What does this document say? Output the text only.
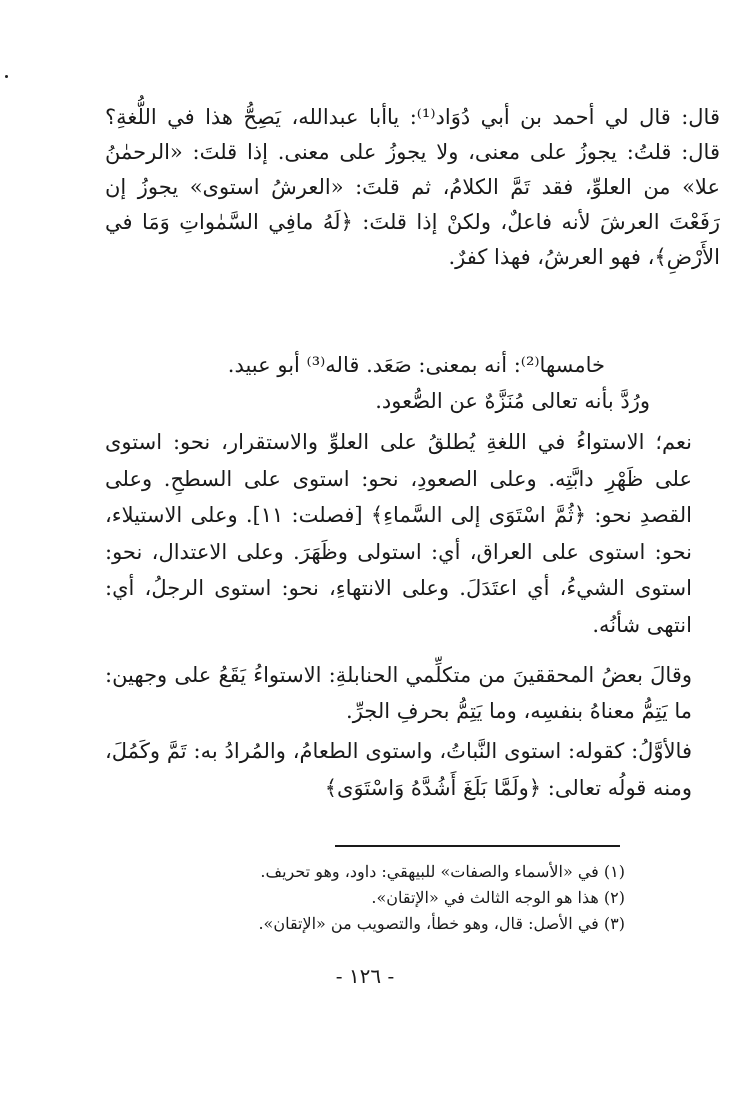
قال: قال لي أحمد بن أبي دُوَاد⁽¹⁾: ياأبا عبدالله، يَصِحُّ هذا في اللُّغةِ؟ قال: قلتُ: يجوزُ على معنى، ولا يجوزُ على معنى. إذا قلتَ: «الرحمٰنُ علا» من العلوِّ، فقد تَمَّ الكلامُ، ثم قلتَ: «العرشُ استوى» يجوزُ إن رَفَعْتَ العرشَ لأنه فاعلٌ، ولكنْ إذا قلتَ: ﴿لَهُ مافِي السَّمٰواتِ وَمَا في الأَرْضِ﴾، فهو العرشُ، فهذا كفرٌ.

خامسها⁽²⁾: أنه بمعنى: صَعَد. قاله⁽³⁾ أبو عبيد.

ورُدَّ بأنه تعالى مُنَزَّهٌ عن الصُّعود.

نعم؛ الاستواءُ في اللغةِ يُطلقُ على العلوِّ والاستقرار، نحو: استوى على ظَهْرِ دابَّتِه. وعلى الصعودِ، نحو: استوى على السطحِ. وعلى القصدِ نحو: ﴿ثُمَّ اسْتَوَى إلى السَّماءِ﴾ [فصلت: ١١]. وعلى الاستيلاء، نحو: استوى على العراق، أي: استولى وظَهَرَ. وعلى الاعتدال، نحو: استوى الشيءُ، أي اعتَدَلَ. وعلى الانتهاءِ، نحو: استوى الرجلُ، أي: انتهى شأنُه.

وقالَ بعضُ المحققينَ من متكلِّمي الحنابلةِ: الاستواءُ يَقَعُ على وجهين: ما يَتِمُّ معناهُ بنفسِه، وما يَتِمُّ بحرفِ الجرِّ.

فالأوَّلُ: كقوله: استوى النَّباتُ، واستوى الطعامُ، والمُرادُ به: تَمَّ وكَمُلَ، ومنه قولُه تعالى: ﴿ولَمَّا بَلَغَ أَشُدَّهُ وَاسْتَوَى﴾

(١) في «الأسماء والصفات» للبيهقي: داود، وهو تحريف.
(٢) هذا هو الوجه الثالث في «الإتقان».
(٣) في الأصل: قال، وهو خطأ، والتصويب من «الإتقان».
- ١٢٦ -
